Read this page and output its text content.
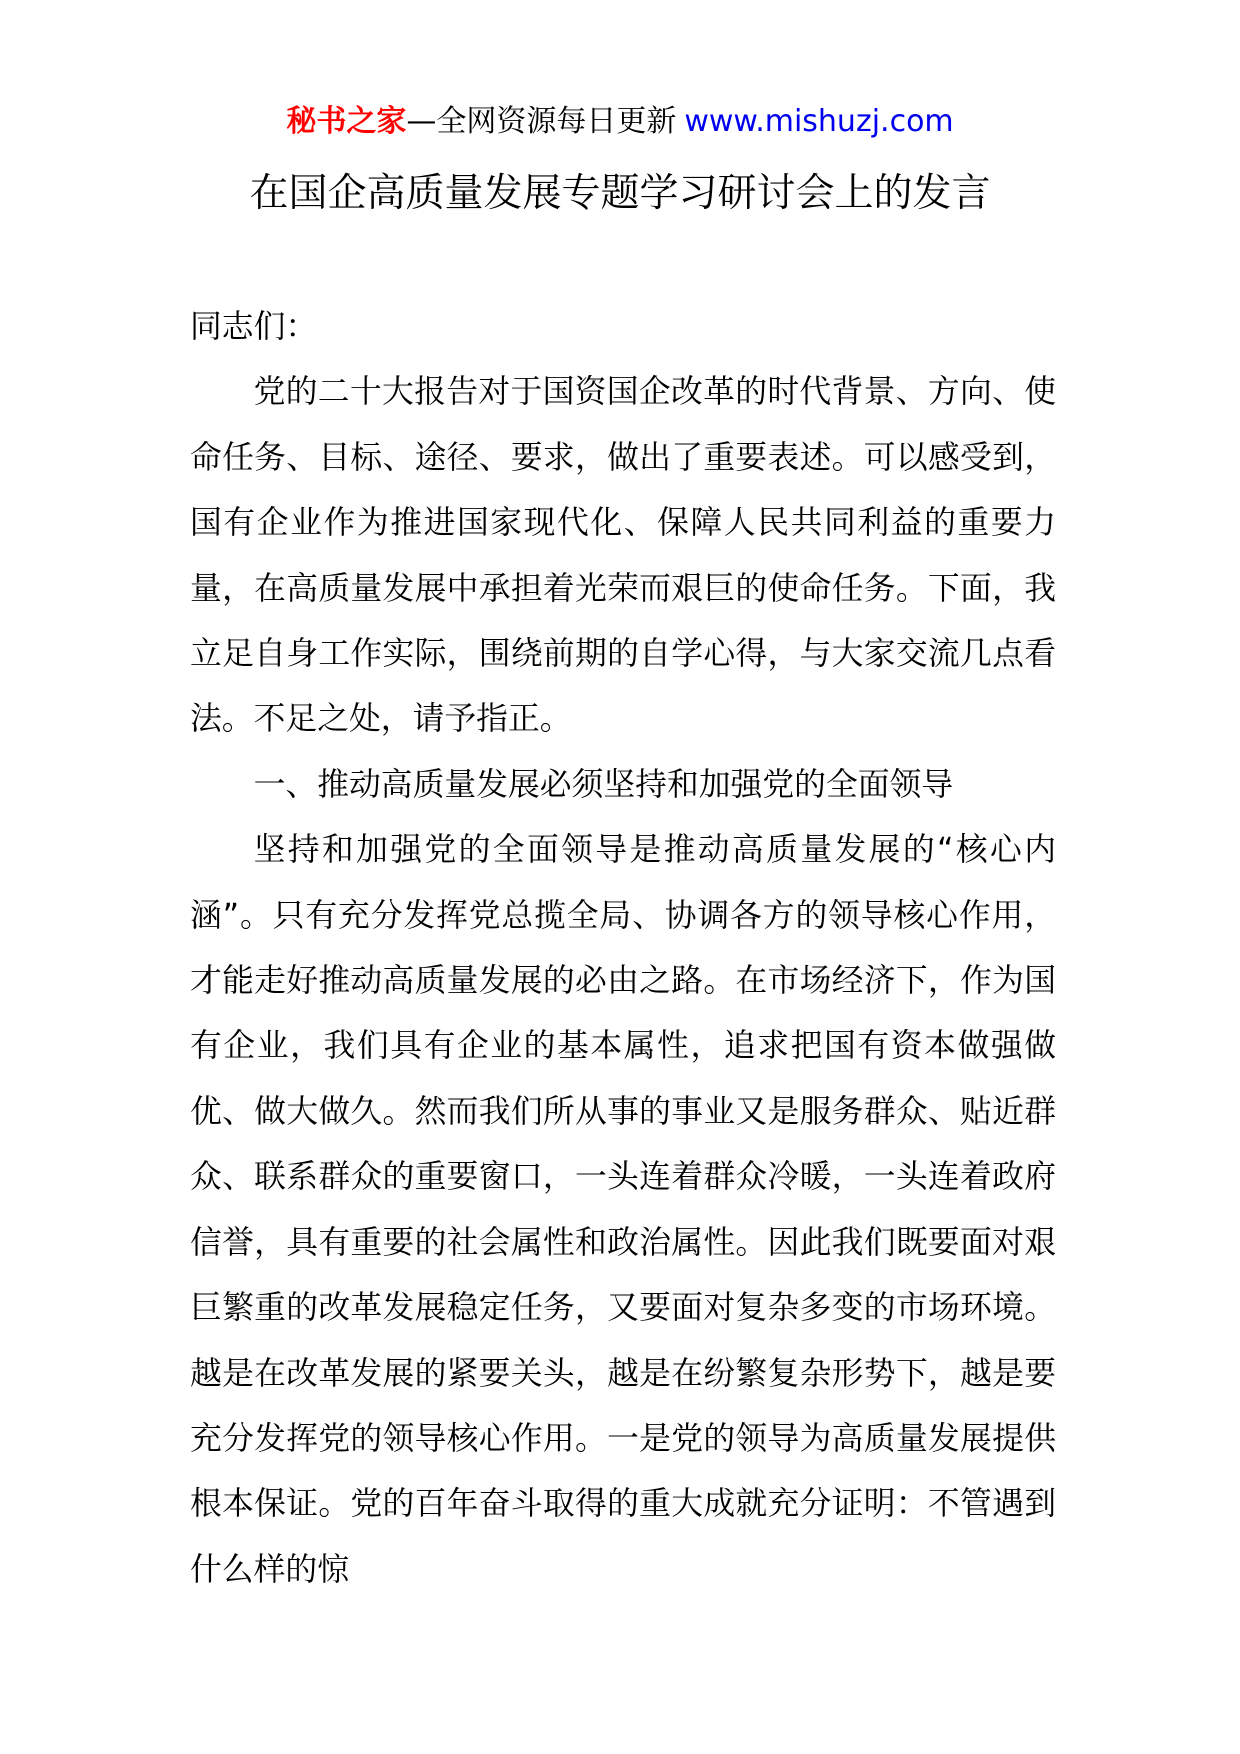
秘书之家—全网资源每日更新 www.mishuzj.com
在国企高质量发展专题学习研讨会上的发言

同志们：

党的二十大报告对于国资国企改革的时代背景、方向、使命任务、目标、途径、要求，做出了重要表述。可以感受到，国有企业作为推进国家现代化、保障人民共同利益的重要力量，在高质量发展中承担着光荣而艰巨的使命任务。下面，我立足自身工作实际，围绕前期的自学心得，与大家交流几点看法。不足之处，请予指正。

一、推动高质量发展必须坚持和加强党的全面领导

坚持和加强党的全面领导是推动高质量发展的“核心内涵”。只有充分发挥党总揽全局、协调各方的领导核心作用，才能走好推动高质量发展的必由之路。在市场经济下，作为国有企业，我们具有企业的基本属性，追求把国有资本做强做优、做大做久。然而我们所从事的事业又是服务群众、贴近群众、联系群众的重要窗口，一头连着群众冷暖，一头连着政府信誉，具有重要的社会属性和政治属性。因此我们既要面对艰巨繁重的改革发展稳定任务，又要面对复杂多变的市场环境。越是在改革发展的紧要关头，越是在纷繁复杂形势下，越是要充分发挥党的领导核心作用。一是党的领导为高质量发展提供根本保证。党的百年奋斗取得的重大成就充分证明：不管遇到什么样的惊
